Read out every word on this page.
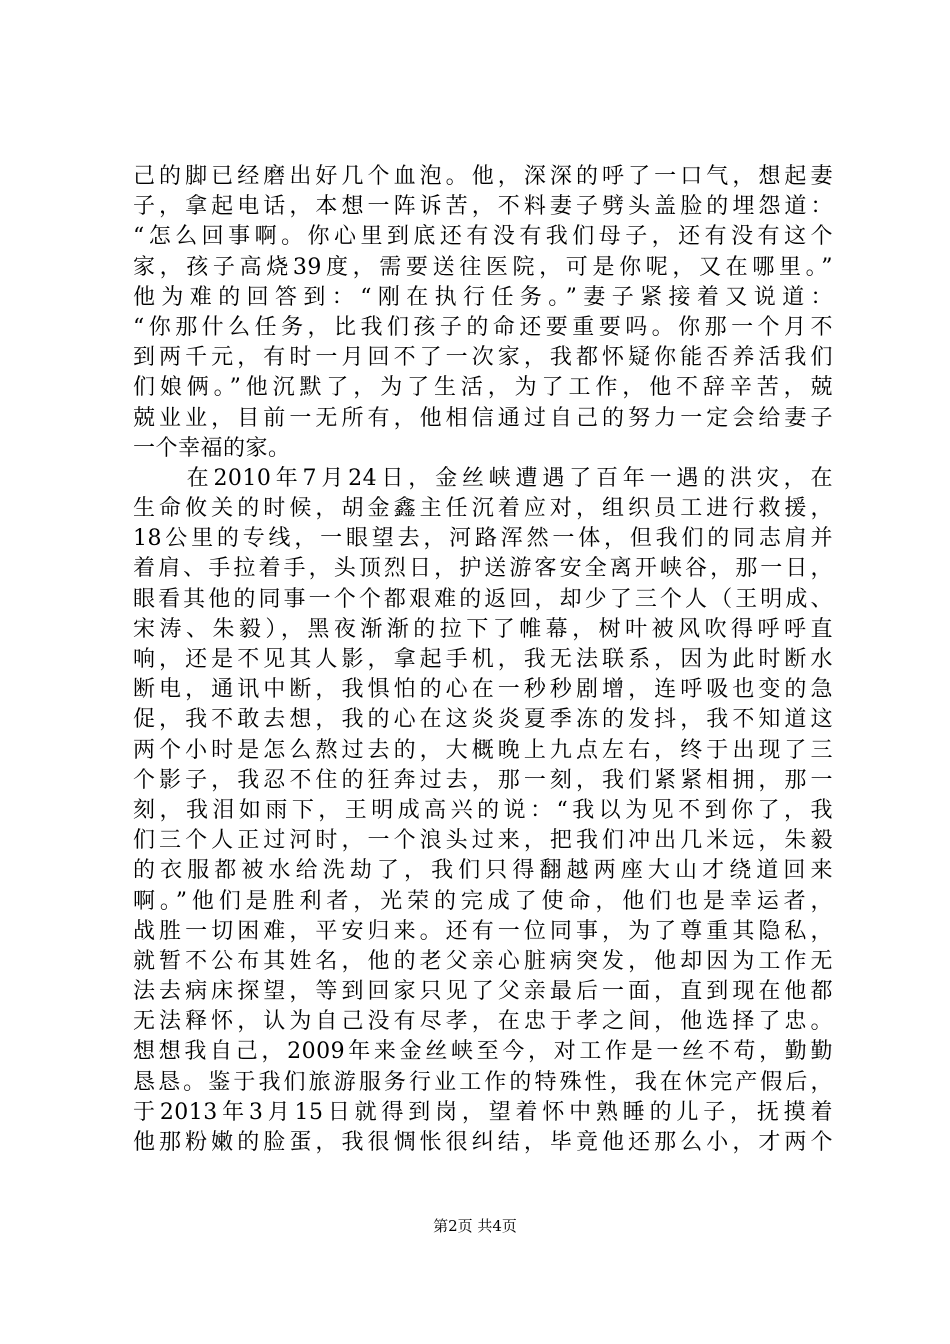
己的脚已经磨出好几个血泡。他，深深的呼了一口气，想起妻
子，拿起电话，本想一阵诉苦，不料妻子劈头盖脸的埋怨道：
“怎么回事啊。你心里到底还有没有我们母子，还有没有这个
家，孩子高烧39度，需要送往医院，可是你呢，又在哪里。”
他为难的回答到：“刚在执行任务。”妻子紧接着又说道：
“你那什么任务，比我们孩子的命还要重要吗。你那一个月不
到两千元，有时一月回不了一次家，我都怀疑你能否养活我们
们娘俩。”他沉默了，为了生活，为了工作，他不辞辛苦，兢
兢业业，目前一无所有，他相信通过自己的努力一定会给妻子
一个幸福的家。
　　在2010年7月24日，金丝峡遭遇了百年一遇的洪灾，在
生命攸关的时候，胡金鑫主任沉着应对，组织员工进行救援，
18公里的专线，一眼望去，河路浑然一体，但我们的同志肩并
着肩、手拉着手，头顶烈日，护送游客安全离开峡谷，那一日，
眼看其他的同事一个个都艰难的返回，却少了三个人（王明成、
宋涛、朱毅），黑夜渐渐的拉下了帷幕，树叶被风吹得呼呼直
响，还是不见其人影，拿起手机，我无法联系，因为此时断水
断电，通讯中断，我惧怕的心在一秒秒剧增，连呼吸也变的急
促，我不敢去想，我的心在这炎炎夏季冻的发抖，我不知道这
两个小时是怎么熬过去的，大概晚上九点左右，终于出现了三
个影子，我忍不住的狂奔过去，那一刻，我们紧紧相拥，那一
刻，我泪如雨下，王明成高兴的说：“我以为见不到你了，我
们三个人正过河时，一个浪头过来，把我们冲出几米远，朱毅
的衣服都被水给洗劫了，我们只得翻越两座大山才绕道回来
啊。”他们是胜利者，光荣的完成了使命，他们也是幸运者，
战胜一切困难，平安归来。还有一位同事，为了尊重其隐私，
就暂不公布其姓名，他的老父亲心脏病突发，他却因为工作无
法去病床探望，等到回家只见了父亲最后一面，直到现在他都
无法释怀，认为自己没有尽孝，在忠于孝之间，他选择了忠。
想想我自己，2009年来金丝峡至今，对工作是一丝不苟，勤勤
恳恳。鉴于我们旅游服务行业工作的特殊性，我在休完产假后，
于2013年3月15日就得到岗，望着怀中熟睡的儿子，抚摸着
他那粉嫩的脸蛋，我很惆怅很纠结，毕竟他还那么小，才两个
第2页 共4页
